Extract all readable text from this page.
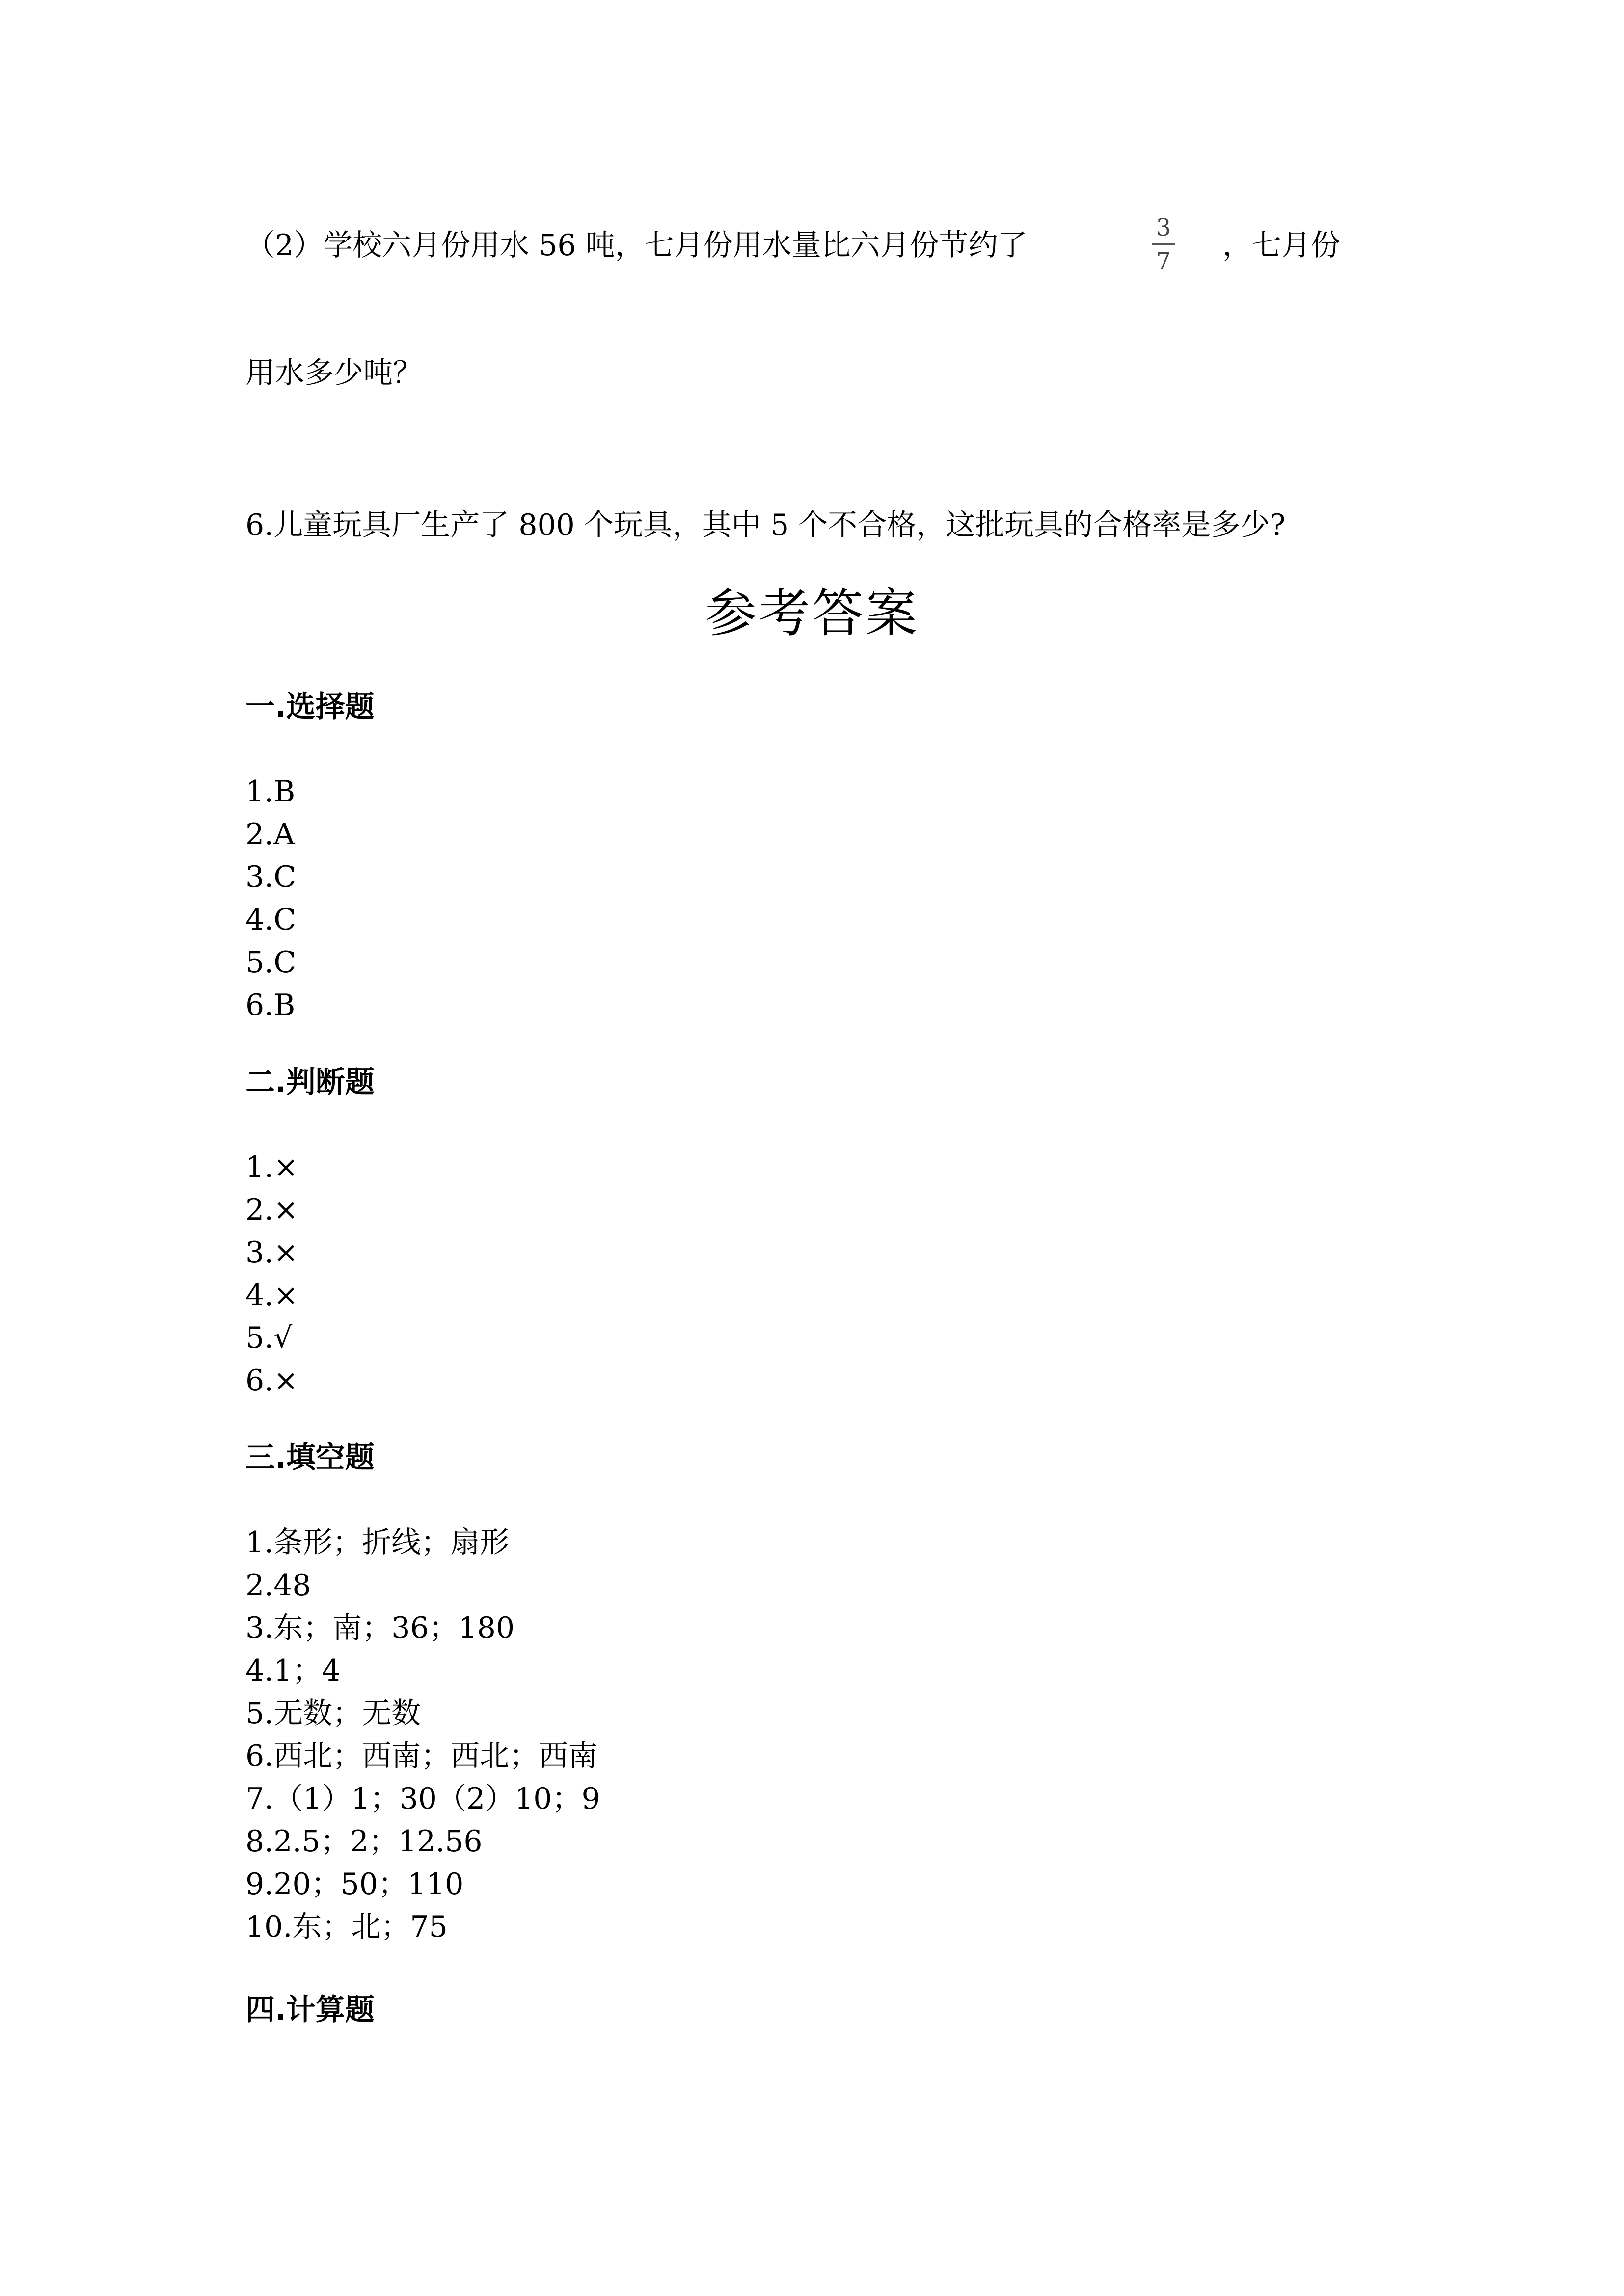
（2）学校六月份用水 56 吨，七月份用水量比六月份节约了
3
7 ，七月份
用水多少吨？
6.儿童玩具厂生产了 800 个玩具，其中 5 个不合格，这批玩具的合格率是多少?
参考答案
一.选择题
1.B
2.A
3.C
4.C
5.C
6.B
二.判断题
1.×
2.×
3.×
4.×
5.√
6.×
三.填空题
1.条形；折线；扇形
2.48
3.东；南；36；180
4.1；4
5.无数；无数
6.西北；西南；西北；西南
7.（1）1；30（2）10；9
8.2.5；2；12.56
9.20；50；110
10.东；北；75
四.计算题
